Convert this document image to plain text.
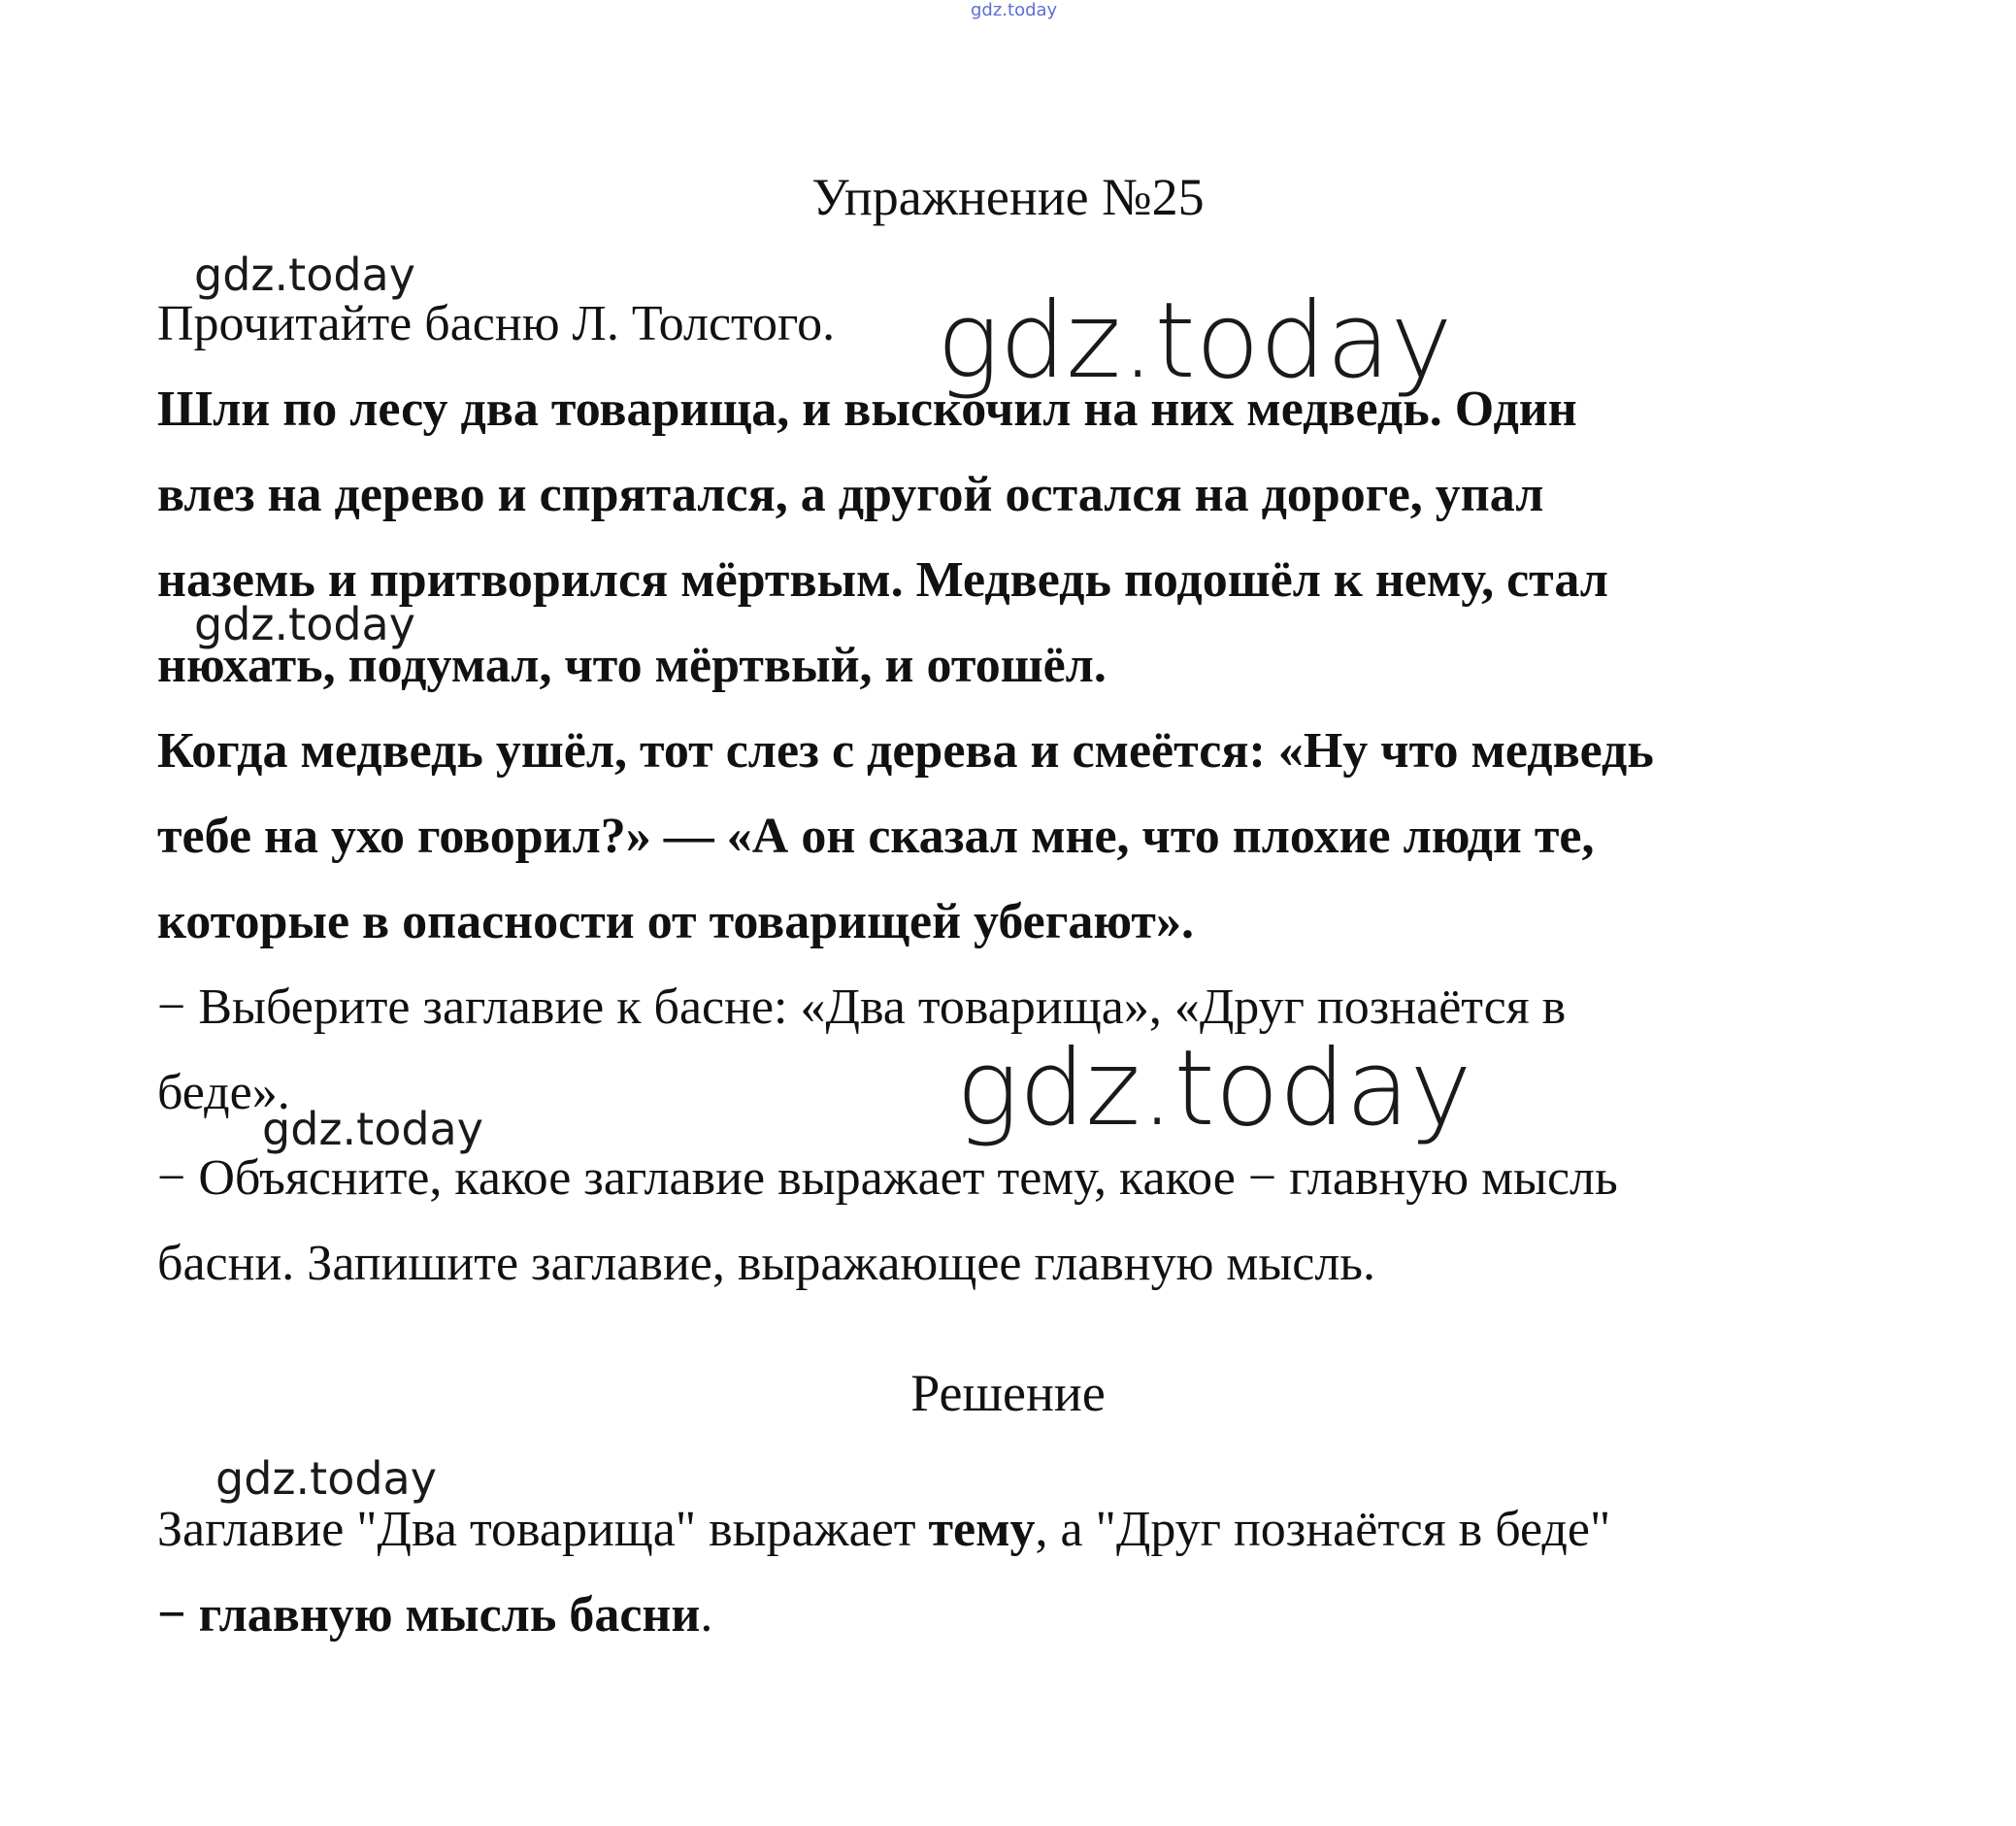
gdz.today
gdz.today
gdz.today
gdz.today
gdz.today
gdz.today
gdz.today
Упражнение №25
Прочитайте басню Л. Толстого.
Шли по лесу два товарища, и выскочил на них медведь. Один
влез на дерево и спрятался, а другой остался на дороге, упал
наземь и притворился мёртвым. Медведь подошёл к нему, стал
нюхать, подумал, что мёртвый, и отошёл.
Когда медведь ушёл, тот слез с дерева и смеётся: «Ну что медведь
тебе на ухо говорил?» — «А он сказал мне, что плохие люди те,
которые в опасности от товарищей убегают».
− Выберите заглавие к басне: «Два товарища», «Друг познаётся в
беде».
− Объясните, какое заглавие выражает тему, какое − главную мысль
басни. Запишите заглавие, выражающее главную мысль.
Решение
Заглавие "Два товарища" выражает тему, а "Друг познаётся в беде"
− главную мысль басни.
